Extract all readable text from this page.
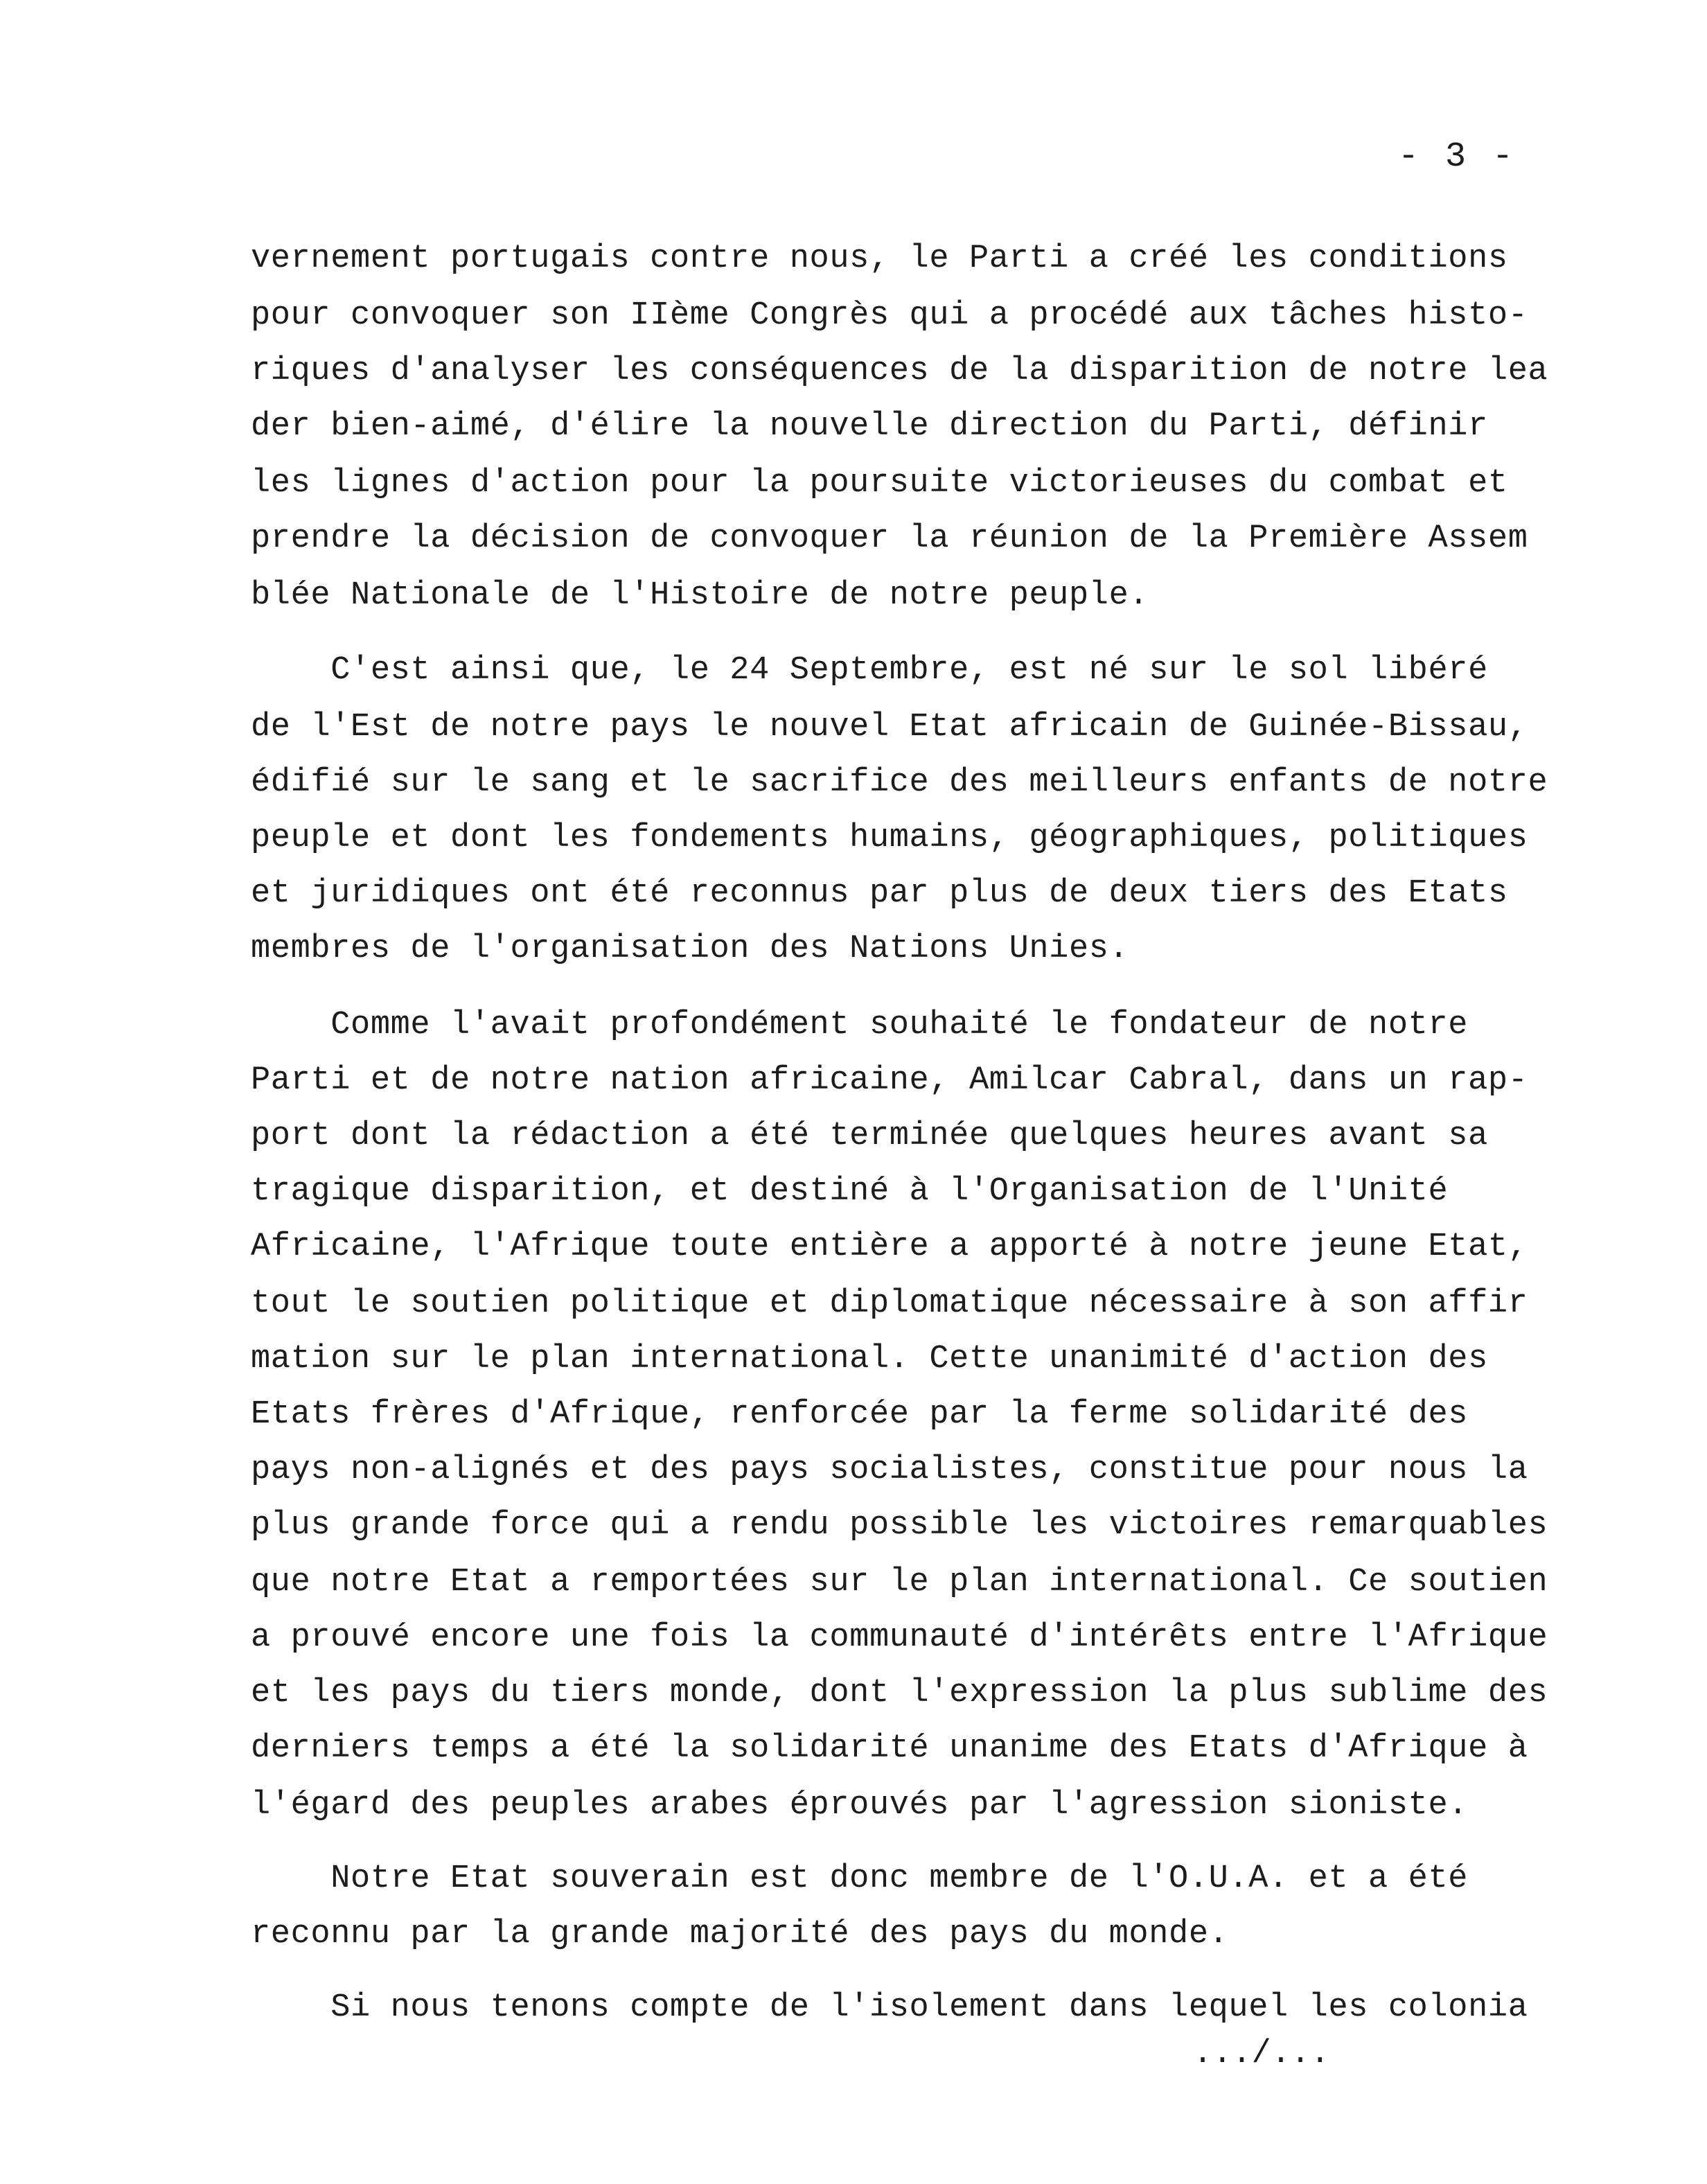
- 3 -
vernement portugais contre nous, le Parti a créé les conditions
pour convoquer son IIème Congrès qui a procédé aux tâches histo-
riques d'analyser les conséquences de la disparition de notre lea
der bien-aimé, d'élire la nouvelle direction du Parti, définir
les lignes d'action pour la poursuite victorieuses du combat et
prendre la décision de convoquer la réunion de la Première Assem
blée Nationale de l'Histoire de notre peuple.
C'est ainsi que, le 24 Septembre, est né sur le sol libéré
de l'Est de notre pays le nouvel Etat africain de Guinée-Bissau,
édifié sur le sang et le sacrifice des meilleurs enfants de notre
peuple et dont les fondements humains, géographiques, politiques
et juridiques ont été reconnus par plus de deux tiers des Etats
membres de l'organisation des Nations Unies.
Comme l'avait profondément souhaité le fondateur de notre
Parti et de notre nation africaine, Amilcar Cabral, dans un rap-
port dont la rédaction a été terminée quelques heures avant sa
tragique disparition, et destiné à l'Organisation de l'Unité
Africaine, l'Afrique toute entière a apporté à notre jeune Etat,
tout le soutien politique et diplomatique nécessaire à son affir
mation sur le plan international. Cette unanimité d'action des
Etats frères d'Afrique, renforcée par la ferme solidarité des
pays non-alignés et des pays socialistes, constitue pour nous la
plus grande force qui a rendu possible les victoires remarquables
que notre Etat a remportées sur le plan international. Ce soutien
a prouvé encore une fois la communauté d'intérêts entre l'Afrique
et les pays du tiers monde, dont l'expression la plus sublime des
derniers temps a été la solidarité unanime des Etats d'Afrique à
l'égard des peuples arabes éprouvés par l'agression sioniste.
Notre Etat souverain est donc membre de l'O.U.A. et a été
reconnu par la grande majorité des pays du monde.
Si nous tenons compte de l'isolement dans lequel les colonia
.../...
